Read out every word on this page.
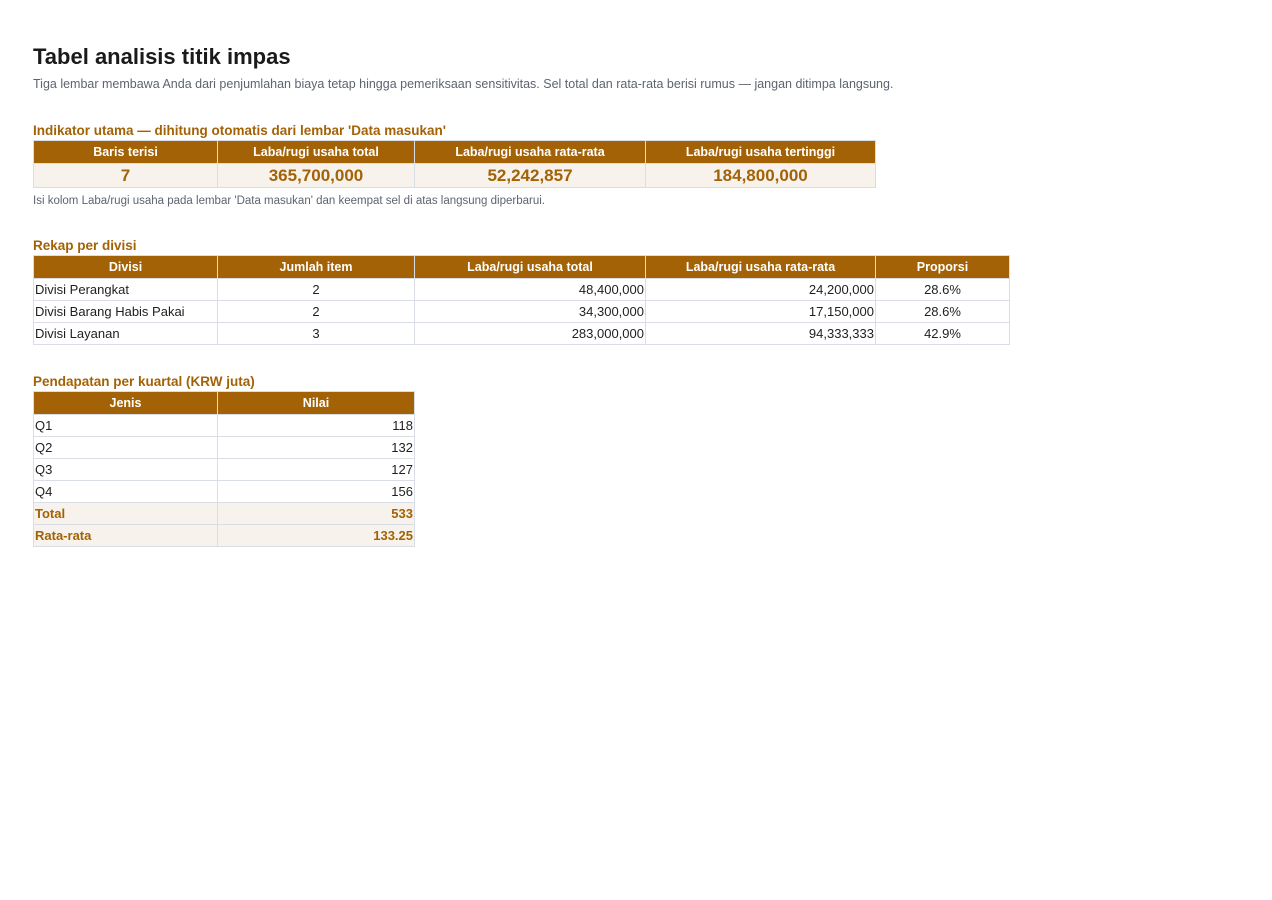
Tabel analisis titik impas

Tiga lembar membawa Anda dari penjumlahan biaya tetap hingga pemeriksaan sensitivitas. Sel total dan rata-rata berisi rumus — jangan ditimpa langsung.

Indikator utama — dihitung otomatis dari lembar 'Data masukan'
Baris terisi	Laba/rugi usaha total	Laba/rugi usaha rata-rata	Laba/rugi usaha tertinggi
7	365,700,000	52,242,857	184,800,000

Isi kolom Laba/rugi usaha pada lembar 'Data masukan' dan keempat sel di atas langsung diperbarui.

Rekap per divisi
Divisi	Jumlah item	Laba/rugi usaha total	Laba/rugi usaha rata-rata	Proporsi
Divisi Perangkat	2	48,400,000	24,200,000	28.6%
Divisi Barang Habis Pakai	2	34,300,000	17,150,000	28.6%
Divisi Layanan	3	283,000,000	94,333,333	42.9%
Pendapatan per kuartal (KRW juta)
Jenis	Nilai
Q1	118
Q2	132
Q3	127
Q4	156
Total	533
Rata-rata	133.25
